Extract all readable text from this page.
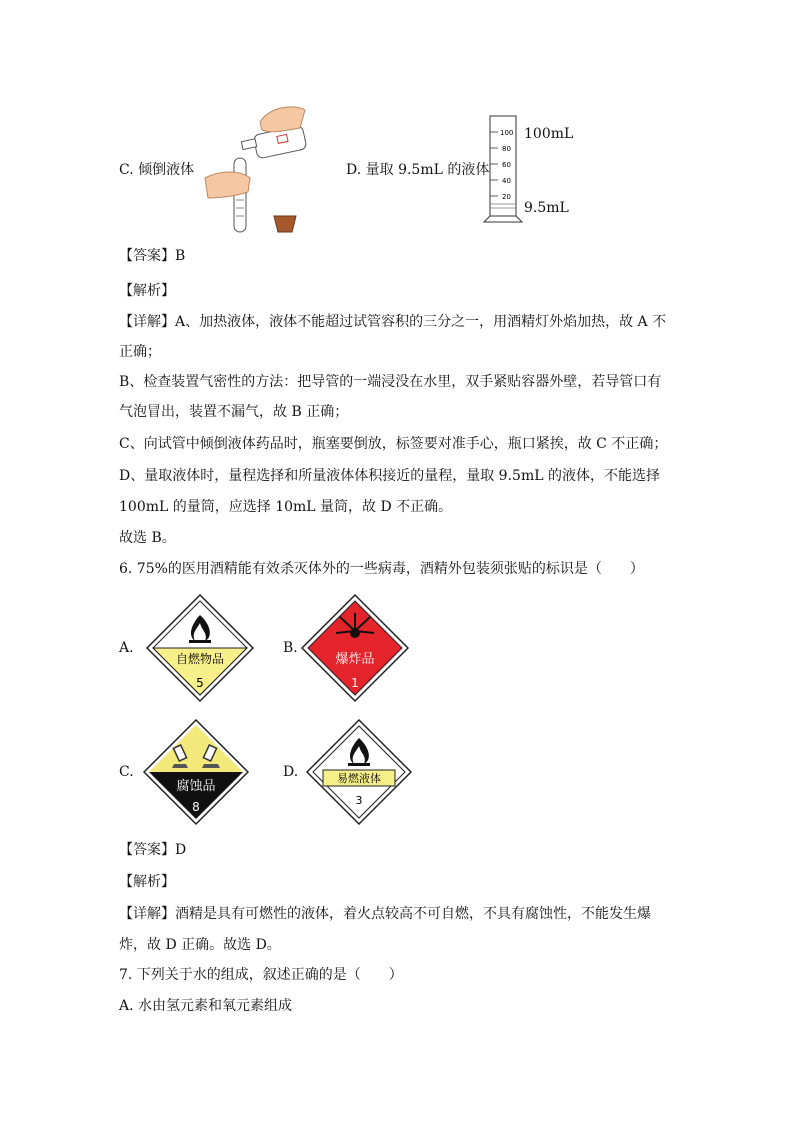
C. 倾倒液体	D. 量取 9.5mL 的液体
100
80
60
40
20
100mL
9.5mL
【答案】B
【解析】
【详解】A、加热液体，液体不能超过试管容积的三分之一，用酒精灯外焰加热，故 A 不
正确；
B、检查装置气密性的方法：把导管的一端浸没在水里，双手紧贴容器外壁，若导管口有
气泡冒出，装置不漏气，故 B 正确；
C、向试管中倾倒液体药品时，瓶塞要倒放，标签要对准手心，瓶口紧挨，故 C 不正确；
D、量取液体时，量程选择和所量液体体积接近的量程，量取 9.5mL 的液体，不能选择
100mL 的量筒，应选择 10mL 量筒，故 D 不正确。
故选 B。
6. 75%的医用酒精能有效杀灭体外的一些病毒，酒精外包装须张贴的标识是（　　）
A.
自燃物品
5
B.
爆炸品
1
C.
腐蚀品
8
D.	易燃液体
3
【答案】D
【解析】
【详解】酒精是具有可燃性的液体，着火点较高不可自燃，不具有腐蚀性，不能发生爆
炸，故 D 正确。故选 D。
7. 下列关于水的组成，叙述正确的是（　　）
A. 水由氢元素和氧元素组成
